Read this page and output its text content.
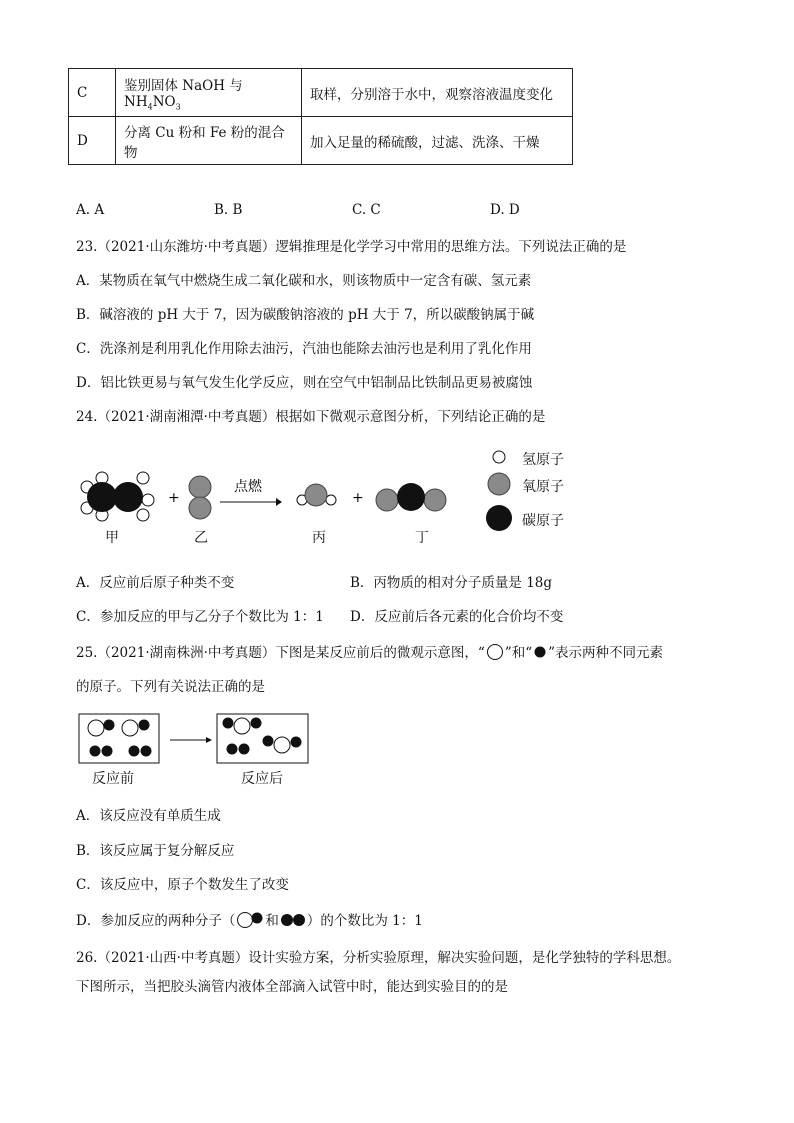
C	鉴别固体 NaOH 与 $NH_4NO_3$	取样，分别溶于水中，观察溶液温度变化
D	分离 Cu 粉和 Fe 粉的混合物	加入足量的稀硫酸，过滤、洗涤、干燥
A. A	B. B	C. C	D. D
23.（2021·山东潍坊·中考真题）逻辑推理是化学学习中常用的思维方法。下列说法正确的是
A．某物质在氧气中燃烧生成二氧化碳和水，则该物质中一定含有碳、氢元素
B．碱溶液的 pH 大于 7，因为碳酸钠溶液的 pH 大于 7，所以碳酸钠属于碱
C．洗涤剂是利用乳化作用除去油污，汽油也能除去油污也是利用了乳化作用
D．铝比铁更易与氧气发生化学反应，则在空气中铝制品比铁制品更易被腐蚀
24.（2021·湖南湘潭·中考真题）根据如下微观示意图分析，下列结论正确的是
+
点燃
+
氢原子
氧原子
碳原子
甲	乙	丙	丁
A．反应前后原子种类不变	B．丙物质的相对分子质量是 18g
C．参加反应的甲与乙分子个数比为 1：1 D．反应前后各元素的化合价均不变
25.（2021·湖南株洲·中考真题）下图是某反应前后的微观示意图，“ ”和“ ”表示两种不同元素
的原子。下列有关说法正确的是
反应前	反应后
A．该反应没有单质生成
B．该反应属于复分解反应
C．该反应中，原子个数发生了改变
D．参加反应的两种分子（ 和 ）的个数比为 1：1
26.（2021·山西·中考真题）设计实验方案，分析实验原理，解决实验问题，是化学独特的学科思想。
下图所示，当把胶头滴管内液体全部滴入试管中时，能达到实验目的的是
